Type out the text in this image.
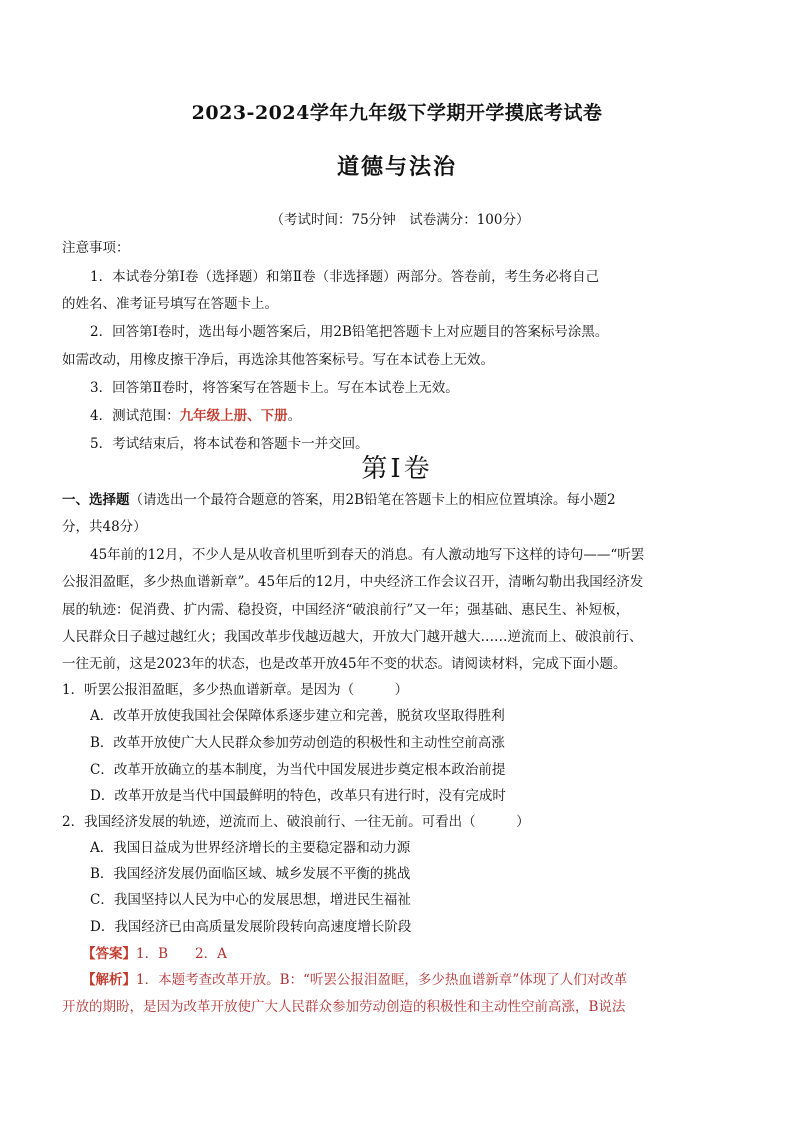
2023-2024学年九年级下学期开学摸底考试卷
道德与法治
（考试时间：75分钟　试卷满分：100分）
注意事项：
1．本试卷分第Ⅰ卷（选择题）和第Ⅱ卷（非选择题）两部分。答卷前，考生务必将自己
的姓名、准考证号填写在答题卡上。
2．回答第Ⅰ卷时，选出每小题答案后，用2B铅笔把答题卡上对应题目的答案标号涂黑。
如需改动，用橡皮擦干净后，再选涂其他答案标号。写在本试卷上无效。
3．回答第Ⅱ卷时，将答案写在答题卡上。写在本试卷上无效。
4．测试范围：九年级上册、下册。
5．考试结束后，将本试卷和答题卡一并交回。
第Ⅰ卷
一、选择题（请选出一个最符合题意的答案，用2B铅笔在答题卡上的相应位置填涂。每小题2
分，共48分）
45年前的12月，不少人是从收音机里听到春天的消息。有人激动地写下这样的诗句——“听罢
公报泪盈眶，多少热血谱新章”。45年后的12月，中央经济工作会议召开，清晰勾勒出我国经济发
展的轨迹：促消费、扩内需、稳投资，中国经济“破浪前行”又一年；强基础、惠民生、补短板，
人民群众日子越过越红火；我国改革步伐越迈越大，开放大门越开越大……逆流而上、破浪前行、
一往无前，这是2023年的状态，也是改革开放45年不变的状态。请阅读材料，完成下面小题。
1．听罢公报泪盈眶，多少热血谱新章。是因为（　　　）
A．改革开放使我国社会保障体系逐步建立和完善，脱贫攻坚取得胜利
B．改革开放使广大人民群众参加劳动创造的积极性和主动性空前高涨
C．改革开放确立的基本制度，为当代中国发展进步奠定根本政治前提
D．改革开放是当代中国最鲜明的特色，改革只有进行时，没有完成时
2．我国经济发展的轨迹，逆流而上、破浪前行、一往无前。可看出（　　　）
A．我国日益成为世界经济增长的主要稳定器和动力源
B．我国经济发展仍面临区域、城乡发展不平衡的挑战
C．我国坚持以人民为中心的发展思想，增进民生福祉
D．我国经济已由高质量发展阶段转向高速度增长阶段
【答案】1．B　　2．A
【解析】1．本题考查改革开放。B：“听罢公报泪盈眶，多少热血谱新章”体现了人们对改革
开放的期盼，是因为改革开放使广大人民群众参加劳动创造的积极性和主动性空前高涨，B说法
